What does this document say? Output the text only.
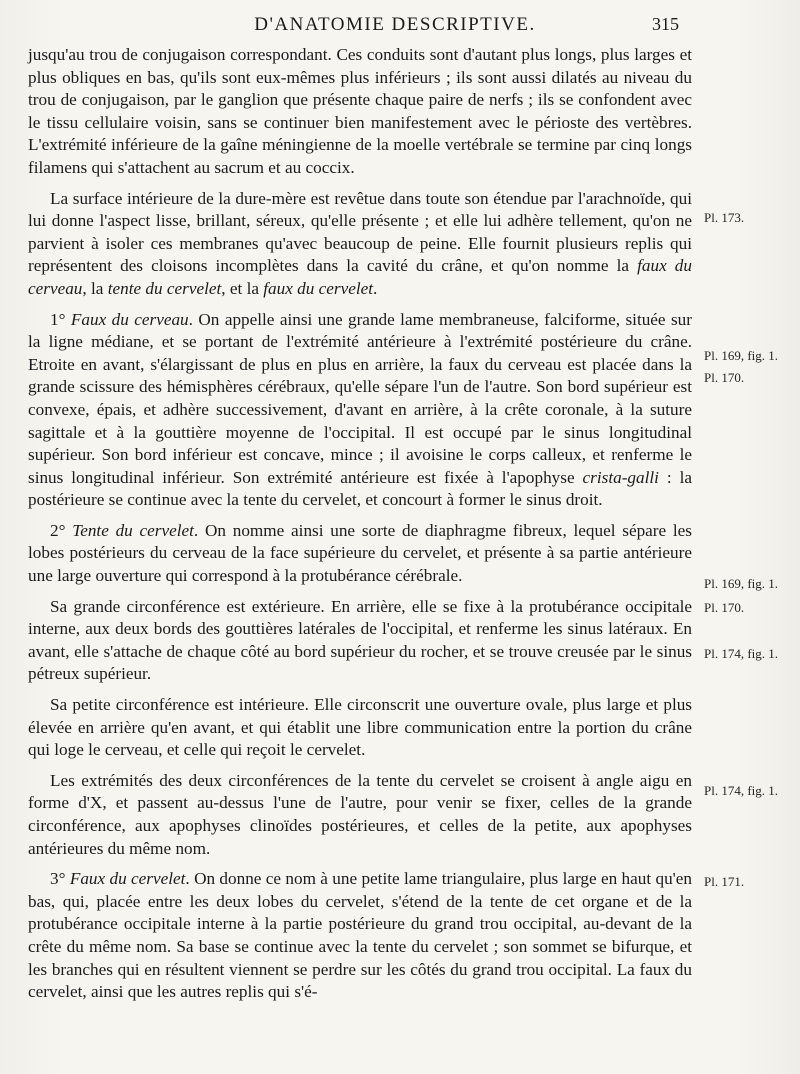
D'ANATOMIE DESCRIPTIVE.	315

jusqu'au trou de conjugaison correspondant. Ces conduits sont d'autant plus longs, plus larges et plus obliques en bas, qu'ils sont eux-mêmes plus inférieurs ; ils sont aussi dilatés au niveau du trou de conjugaison, par le ganglion que présente chaque paire de nerfs ; ils se confondent avec le tissu cellulaire voisin, sans se continuer bien manifestement avec le périoste des vertèbres. L'extrémité inférieure de la gaîne méningienne de la moelle vertébrale se termine par cinq longs filamens qui s'attachent au sacrum et au coccix.

La surface intérieure de la dure-mère est revêtue dans toute son étendue par l'arachnoïde, qui lui donne l'aspect lisse, brillant, séreux, qu'elle présente ; et elle lui adhère tellement, qu'on ne parvient à isoler ces membranes qu'avec beaucoup de peine. Elle fournit plusieurs replis qui représentent des cloisons incomplètes dans la cavité du crâne, et qu'on nomme la faux du cerveau, la tente du cervelet, et la faux du cervelet.

1° Faux du cerveau. On appelle ainsi une grande lame membraneuse, falciforme, située sur la ligne médiane, et se portant de l'extrémité antérieure à l'extrémité postérieure du crâne. Etroite en avant, s'élargissant de plus en plus en arrière, la faux du cerveau est placée dans la grande scissure des hémisphères cérébraux, qu'elle sépare l'un de l'autre. Son bord supérieur est convexe, épais, et adhère successivement, d'avant en arrière, à la crête coronale, à la suture sagittale et à la gouttière moyenne de l'occipital. Il est occupé par le sinus longitudinal supérieur. Son bord inférieur est concave, mince ; il avoisine le corps calleux, et renferme le sinus longitudinal inférieur. Son extrémité antérieure est fixée à l'apophyse crista-galli : la postérieure se continue avec la tente du cervelet, et concourt à former le sinus droit.

2° Tente du cervelet. On nomme ainsi une sorte de diaphragme fibreux, lequel sépare les lobes postérieurs du cerveau de la face supérieure du cervelet, et présente à sa partie antérieure une large ouverture qui correspond à la protubérance cérébrale.

Sa grande circonférence est extérieure. En arrière, elle se fixe à la protubérance occipitale interne, aux deux bords des gouttières latérales de l'occipital, et renferme les sinus latéraux. En avant, elle s'attache de chaque côté au bord supérieur du rocher, et se trouve creusée par le sinus pétreux supérieur.

Sa petite circonférence est intérieure. Elle circonscrit une ouverture ovale, plus large et plus élevée en arrière qu'en avant, et qui établit une libre communication entre la portion du crâne qui loge le cerveau, et celle qui reçoit le cervelet.

Les extrémités des deux circonférences de la tente du cervelet se croisent à angle aigu en forme d'X, et passent au-dessus l'une de l'autre, pour venir se fixer, celles de la grande circonférence, aux apophyses clinoïdes postérieures, et celles de la petite, aux apophyses antérieures du même nom.

3° Faux du cervelet. On donne ce nom à une petite lame triangulaire, plus large en haut qu'en bas, qui, placée entre les deux lobes du cervelet, s'étend de la tente de cet organe et de la protubérance occipitale interne à la partie postérieure du grand trou occipital, au-devant de la crête du même nom. Sa base se continue avec la tente du cervelet ; son sommet se bifurque, et les branches qui en résultent viennent se perdre sur les côtés du grand trou occipital. La faux du cervelet, ainsi que les autres replis qui s'é-

Pl. 173.
Pl. 169, fig. 1.
Pl. 170.
Pl. 169, fig. 1.
Pl. 170.
Pl. 174, fig. 1.
Pl. 174, fig. 1.
Pl. 171.
